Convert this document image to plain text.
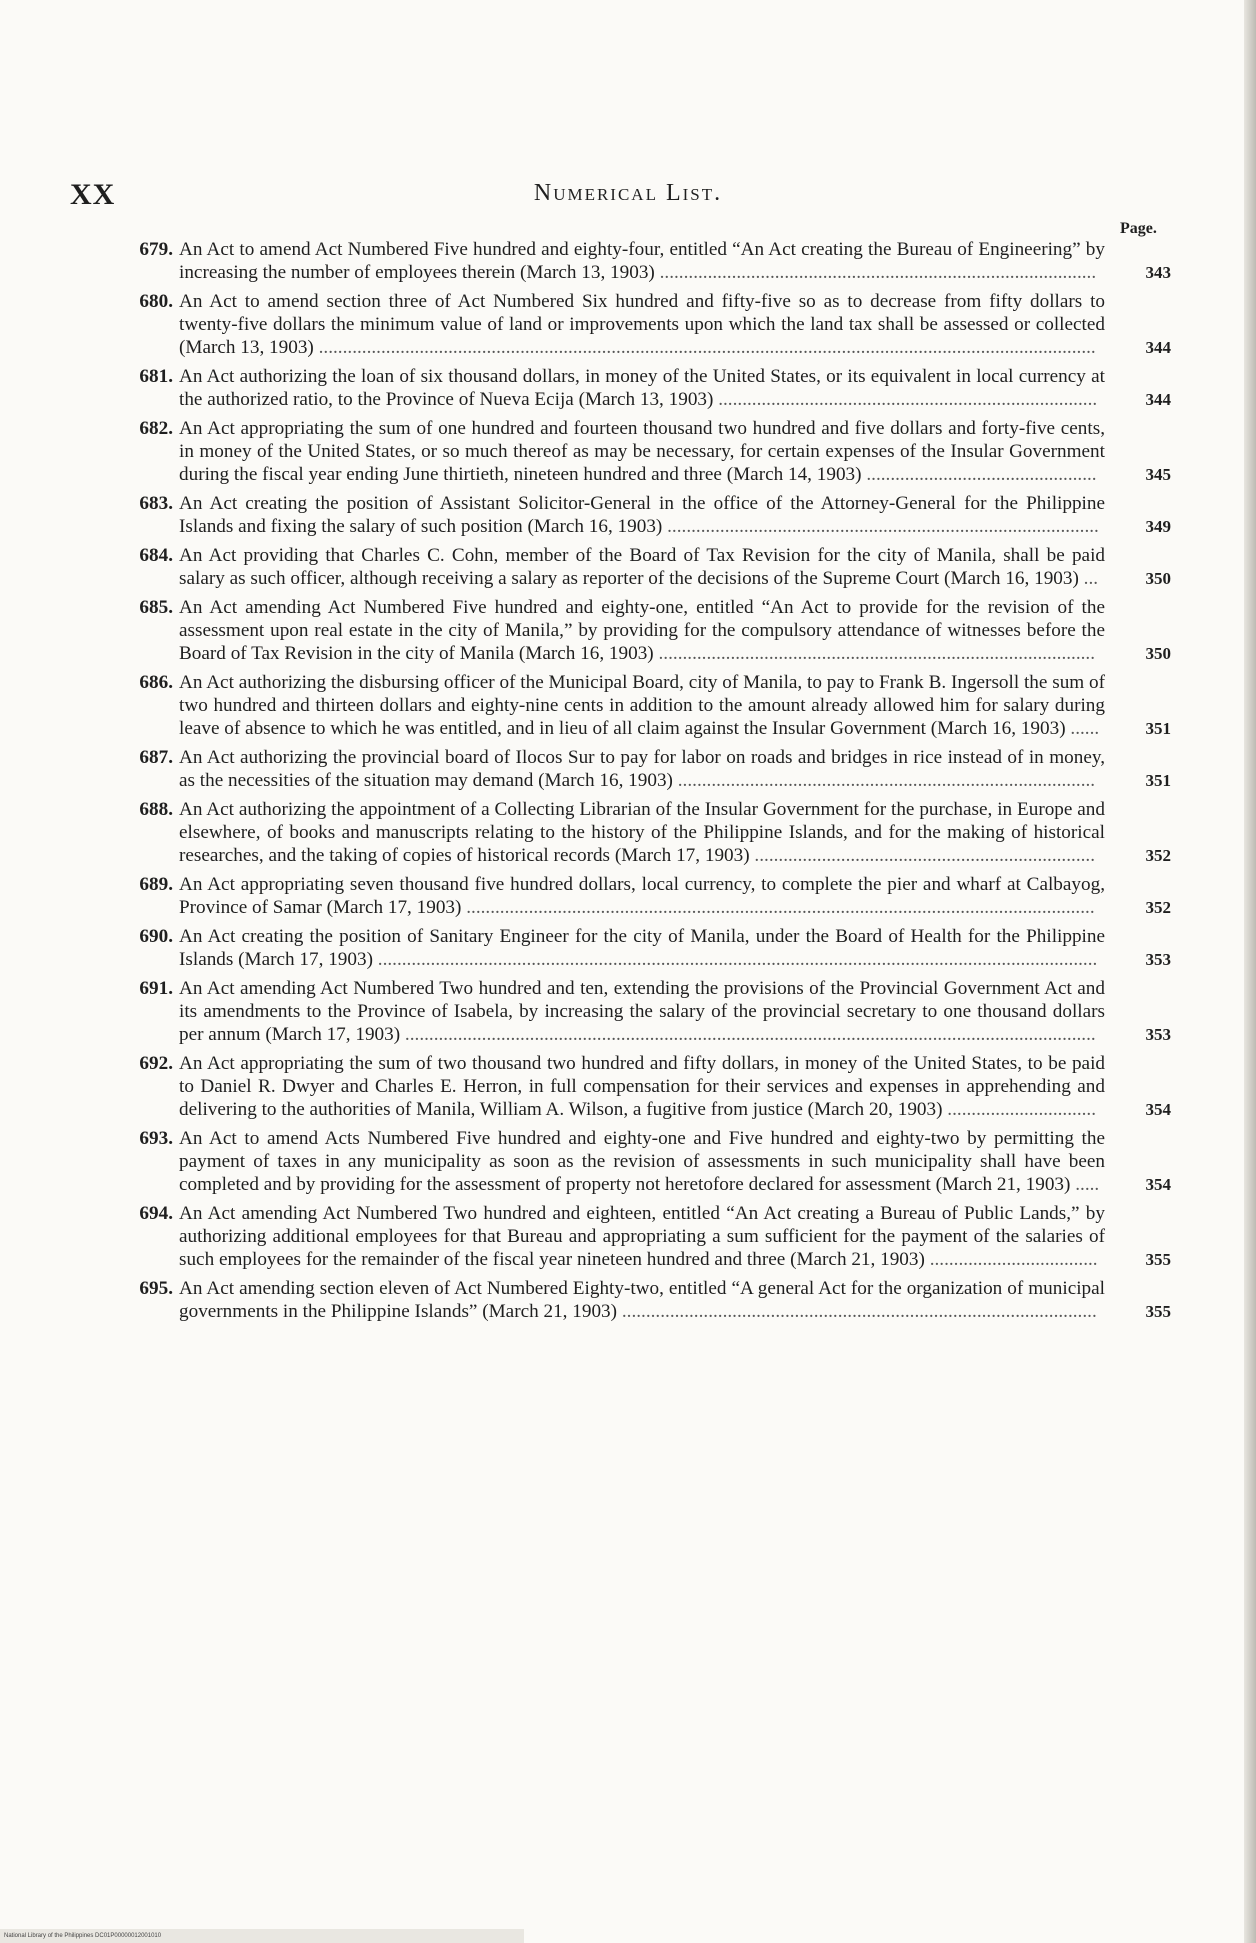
XX	Numerical List.
Page.
679. An Act to amend Act Numbered Five hundred and eighty-four, entitled “An Act creating the Bureau of Engineering” by increasing the number of employees therein (March 13, 1903) ...........................................................................................	343
680. An Act to amend section three of Act Numbered Six hundred and fifty-five so as to decrease from fifty dollars to twenty-five dollars the minimum value of land or improvements upon which the land tax shall be assessed or collected (March 13, 1903) ..................................................................................................................................................................	344
681. An Act authorizing the loan of six thousand dollars, in money of the United States, or its equivalent in local currency at the authorized ratio, to the Province of Nueva Ecija (March 13, 1903) ...............................................................................	344
682. An Act appropriating the sum of one hundred and fourteen thousand two hundred and five dollars and forty-five cents, in money of the United States, or so much thereof as may be necessary, for certain expenses of the Insular Government during the fiscal year ending June thirtieth, nineteen hundred and three (March 14, 1903) ................................................	345
683. An Act creating the position of Assistant Solicitor-General in the office of the Attorney-General for the Philippine Islands and fixing the salary of such position (March 16, 1903) ..........................................................................................	349
684. An Act providing that Charles C. Cohn, member of the Board of Tax Revision for the city of Manila, shall be paid salary as such officer, although receiving a salary as reporter of the decisions of the Supreme Court (March 16, 1903) ...	350
685. An Act amending Act Numbered Five hundred and eighty-one, entitled “An Act to provide for the revision of the assessment upon real estate in the city of Manila,” by providing for the compulsory attendance of witnesses before the Board of Tax Revision in the city of Manila (March 16, 1903) ...........................................................................................	350
686. An Act authorizing the disbursing officer of the Municipal Board, city of Manila, to pay to Frank B. Ingersoll the sum of two hundred and thirteen dollars and eighty-nine cents in addition to the amount already allowed him for salary during leave of absence to which he was entitled, and in lieu of all claim against the Insular Government (March 16, 1903) ......	351
687. An Act authorizing the provincial board of Ilocos Sur to pay for labor on roads and bridges in rice instead of in money, as the necessities of the situation may demand (March 16, 1903) .......................................................................................	351
688. An Act authorizing the appointment of a Collecting Librarian of the Insular Government for the purchase, in Europe and elsewhere, of books and manuscripts relating to the history of the Philippine Islands, and for the making of historical researches, and the taking of copies of historical records (March 17, 1903) .......................................................................	352
689. An Act appropriating seven thousand five hundred dollars, local currency, to complete the pier and wharf at Calbayog, Province of Samar (March 17, 1903) ...................................................................................................................................	352
690. An Act creating the position of Sanitary Engineer for the city of Manila, under the Board of Health for the Philippine Islands (March 17, 1903) ......................................................................................................................................................	353
691. An Act amending Act Numbered Two hundred and ten, extending the provisions of the Provincial Government Act and its amendments to the Province of Isabela, by increasing the salary of the provincial secretary to one thousand dollars per annum (March 17, 1903) ................................................................................................................................................	353
692. An Act appropriating the sum of two thousand two hundred and fifty dollars, in money of the United States, to be paid to Daniel R. Dwyer and Charles E. Herron, in full compensation for their services and expenses in apprehending and delivering to the authorities of Manila, William A. Wilson, a fugitive from justice (March 20, 1903) ...............................	354
693. An Act to amend Acts Numbered Five hundred and eighty-one and Five hundred and eighty-two by permitting the payment of taxes in any municipality as soon as the revision of assessments in such municipality shall have been completed and by providing for the assessment of property not heretofore declared for assessment (March 21, 1903) .....	354
694. An Act amending Act Numbered Two hundred and eighteen, entitled “An Act creating a Bureau of Public Lands,” by authorizing additional employees for that Bureau and appropriating a sum sufficient for the payment of the salaries of such employees for the remainder of the fiscal year nineteen hundred and three (March 21, 1903) ...................................	355
695. An Act amending section eleven of Act Numbered Eighty-two, entitled “A general Act for the organization of municipal governments in the Philippine Islands” (March 21, 1903) ...................................................................................................	355
National Library of the Philippines DC01P00000012001010
